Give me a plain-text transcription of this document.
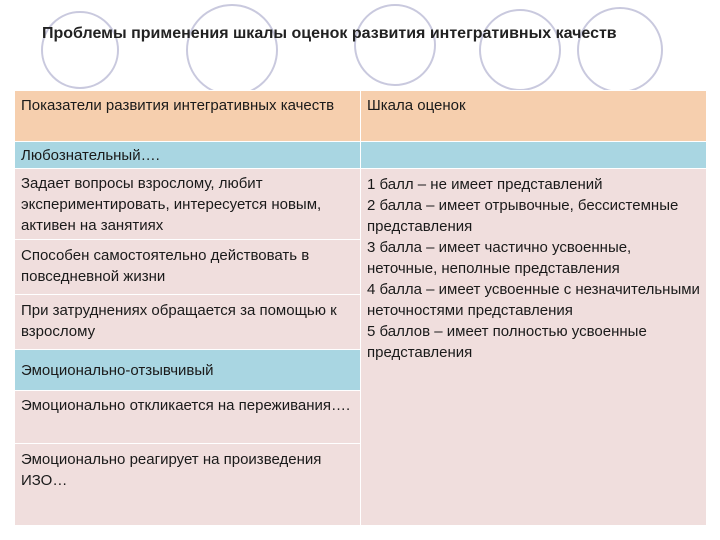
Проблемы применения шкалы оценок развития интегративных качеств
Показатели развития интегративных качеств	Шкала оценок
Любознательный….	
Задает вопросы взрослому, любит экспериментировать, интересуется новым, активен на занятиях	1 балл – не имеет представлений
2 балла – имеет отрывочные, бессистемные представления
3 балла – имеет частично усвоенные, неточные, неполные представления
4 балла – имеет усвоенные с незначительными неточностями представления
5 баллов – имеет полностью усвоенные представления

Способен самостоятельно действовать в повседневной жизни	
При затруднениях обращается за помощью к взрослому	
Эмоционально-отзывчивый	
Эмоционально откликается на переживания….	
Эмоционально реагирует на произведения ИЗО…	
